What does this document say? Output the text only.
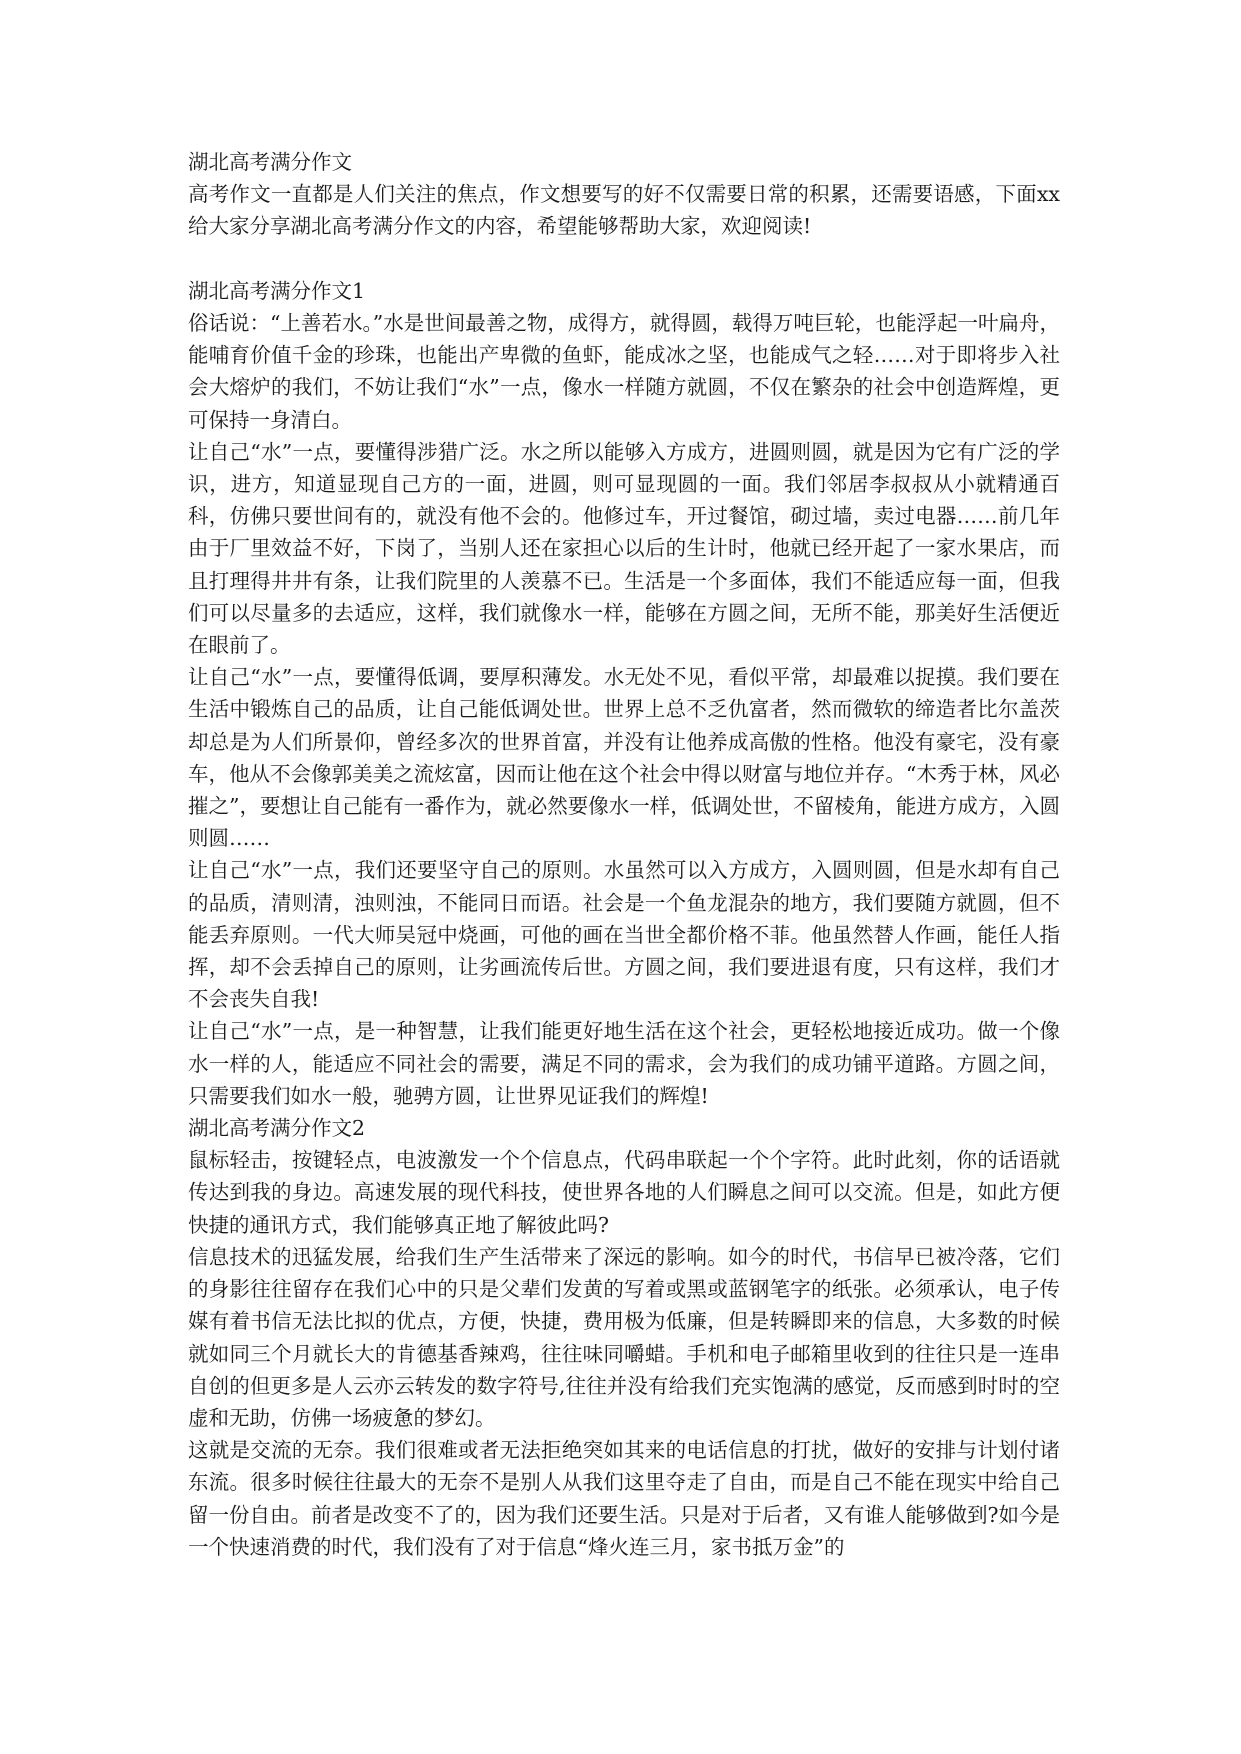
湖北高考满分作文

高考作文一直都是人们关注的焦点，作文想要写的好不仅需要日常的积累，还需要语感，下面xx给大家分享湖北高考满分作文的内容，希望能够帮助大家，欢迎阅读!

湖北高考满分作文1

俗话说：“上善若水。”水是世间最善之物，成得方，就得圆，载得万吨巨轮，也能浮起一叶扁舟，能哺育价值千金的珍珠，也能出产卑微的鱼虾，能成冰之坚，也能成气之轻……对于即将步入社会大熔炉的我们，不妨让我们“水”一点，像水一样随方就圆，不仅在繁杂的社会中创造辉煌，更可保持一身清白。

让自己“水”一点，要懂得涉猎广泛。水之所以能够入方成方，进圆则圆，就是因为它有广泛的学识，进方，知道显现自己方的一面，进圆，则可显现圆的一面。我们邻居李叔叔从小就精通百科，仿佛只要世间有的，就没有他不会的。他修过车，开过餐馆，砌过墙，卖过电器……前几年由于厂里效益不好，下岗了，当别人还在家担心以后的生计时，他就已经开起了一家水果店，而且打理得井井有条，让我们院里的人羡慕不已。生活是一个多面体，我们不能适应每一面，但我们可以尽量多的去适应，这样，我们就像水一样，能够在方圆之间，无所不能，那美好生活便近在眼前了。

让自己“水”一点，要懂得低调，要厚积薄发。水无处不见，看似平常，却最难以捉摸。我们要在生活中锻炼自己的品质，让自己能低调处世。世界上总不乏仇富者，然而微软的缔造者比尔盖茨却总是为人们所景仰，曾经多次的世界首富，并没有让他养成高傲的性格。他没有豪宅，没有豪车，他从不会像郭美美之流炫富，因而让他在这个社会中得以财富与地位并存。“木秀于林，风必摧之”，要想让自己能有一番作为，就必然要像水一样，低调处世，不留棱角，能进方成方，入圆则圆……

让自己“水”一点，我们还要坚守自己的原则。水虽然可以入方成方，入圆则圆，但是水却有自己的品质，清则清，浊则浊，不能同日而语。社会是一个鱼龙混杂的地方，我们要随方就圆，但不能丢弃原则。一代大师吴冠中烧画，可他的画在当世全都价格不菲。他虽然替人作画，能任人指挥，却不会丢掉自己的原则，让劣画流传后世。方圆之间，我们要进退有度，只有这样，我们才不会丧失自我!

让自己“水”一点，是一种智慧，让我们能更好地生活在这个社会，更轻松地接近成功。做一个像水一样的人，能适应不同社会的需要，满足不同的需求，会为我们的成功铺平道路。方圆之间，只需要我们如水一般，驰骋方圆，让世界见证我们的辉煌!

湖北高考满分作文2

鼠标轻击，按键轻点，电波激发一个个信息点，代码串联起一个个字符。此时此刻，你的话语就传达到我的身边。高速发展的现代科技，使世界各地的人们瞬息之间可以交流。但是，如此方便快捷的通讯方式，我们能够真正地了解彼此吗?

信息技术的迅猛发展，给我们生产生活带来了深远的影响。如今的时代，书信早已被冷落，它们的身影往往留存在我们心中的只是父辈们发黄的写着或黑或蓝钢笔字的纸张。必须承认，电子传媒有着书信无法比拟的优点，方便，快捷，费用极为低廉，但是转瞬即来的信息，大多数的时候就如同三个月就长大的肯德基香辣鸡，往往味同嚼蜡。手机和电子邮箱里收到的往往只是一连串自创的但更多是人云亦云转发的数字符号,往往并没有给我们充实饱满的感觉，反而感到时时的空虚和无助，仿佛一场疲惫的梦幻。

这就是交流的无奈。我们很难或者无法拒绝突如其来的电话信息的打扰，做好的安排与计划付诸东流。很多时候往往最大的无奈不是别人从我们这里夺走了自由，而是自己不能在现实中给自己留一份自由。前者是改变不了的，因为我们还要生活。只是对于后者，又有谁人能够做到?如今是一个快速消费的时代，我们没有了对于信息“烽火连三月，家书抵万金”的
